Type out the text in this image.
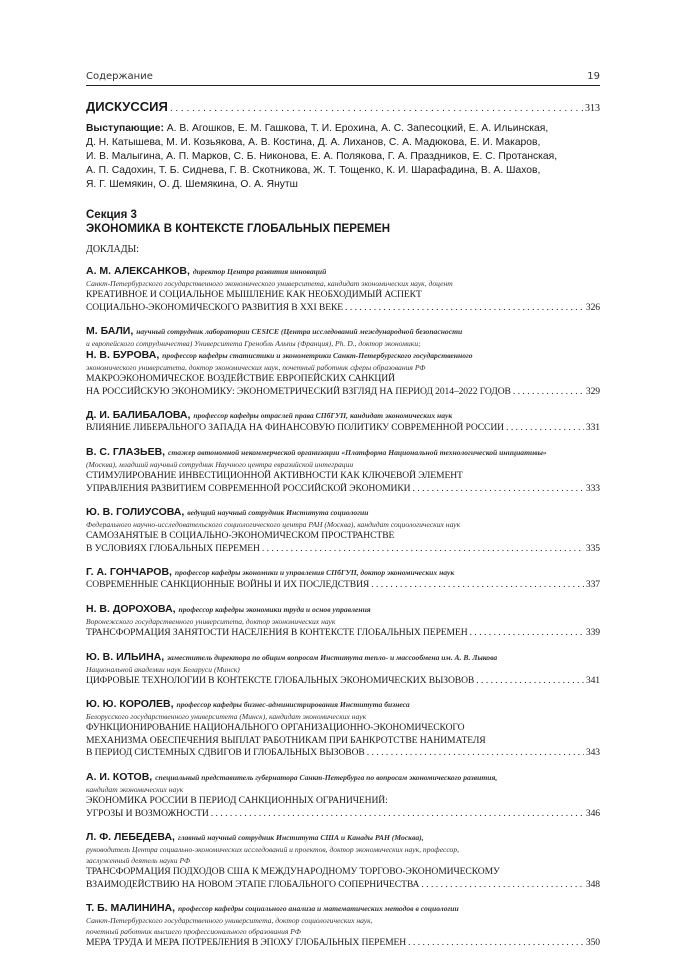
Содержание	19
ДИСКУССИЯ . . .	313
Выступающие: А. В. Агошков, Е. М. Гашкова, Т. И. Ерохина, А. С. Запесоцкий, Е. А. Ильинская,
Д. Н. Катышева, М. И. Козьякова, А. В. Костина, Д. А. Лиханов, С. А. Мадюкова, Е. И. Макаров,
И. В. Малыгина, А. П. Марков, С. Б. Никонова, Е. А. Полякова, Г. А. Праздников, Е. С. Протанская,
А. П. Садохин, Т. Б. Сиднева, Г. В. Скотникова, Ж. Т. Тощенко, К. И. Шарафадина, В. А. Шахов,
Я. Г. Шемякин, О. Д. Шемякина, О. А. Янутш
Секция 3
ЭКОНОМИКА В КОНТЕКСТЕ ГЛОБАЛЬНЫХ ПЕРЕМЕН
ДОКЛАДЫ:
А. М. АЛЕКСАНКОВ, директор Центра развития инноваций
Санкт-Петербургского государственного экономического университета, кандидат экономических наук, доцент
КРЕАТИВНОЕ И СОЦИАЛЬНОЕ МЫШЛЕНИЕ КАК НЕОБХОДИМЫЙ АСПЕКТ
СОЦИАЛЬНО-ЭКОНОМИЧЕСКОГО РАЗВИТИЯ В XXI ВЕКЕ . . .	326
М. БАЛИ, научный сотрудник лаборатории CESICE (Центра исследований международной безопасности
и европейского сотрудничества) Университета Гренобль Альпы (Франция), Ph. D., доктор экономики;
Н. В. БУРОВА, профессор кафедры статистики и эконометрики Санкт-Петербургского государственного
экономического университета, доктор экономических наук, почетный работник сферы образования РФ
МАКРОЭКОНОМИЧЕСКОЕ ВОЗДЕЙСТВИЕ ЕВРОПЕЙСКИХ САНКЦИЙ
НА РОССИЙСКУЮ ЭКОНОМИКУ: ЭКОНОМЕТРИЧЕСКИЙ ВЗГЛЯД НА ПЕРИОД 2014–2022 ГОДОВ . . .	329
Д. И. БАЛИБАЛОВА, профессор кафедры отраслей права СПбГУП, кандидат экономических наук
ВЛИЯНИЕ ЛИБЕРАЛЬНОГО ЗАПАДА НА ФИНАНСОВУЮ ПОЛИТИКУ СОВРЕМЕННОЙ РОССИИ . . .	331
В. С. ГЛАЗЬЕВ, стажер автономной некоммерческой организации «Платформа Национальной технологической инициативы»
(Москва), младший научный сотрудник Научного центра евразийской интеграции
СТИМУЛИРОВАНИЕ ИНВЕСТИЦИОННОЙ АКТИВНОСТИ КАК КЛЮЧЕВОЙ ЭЛЕМЕНТ
УПРАВЛЕНИЯ РАЗВИТИЕМ СОВРЕМЕННОЙ РОССИЙСКОЙ ЭКОНОМИКИ . . .	333
Ю. В. ГОЛИУСОВА, ведущий научный сотрудник Института социологии
Федерального научно-исследовательского социологического центра РАН (Москва), кандидат социологических наук
САМОЗАНЯТЫЕ В СОЦИАЛЬНО-ЭКОНОМИЧЕСКОМ ПРОСТРАНСТВЕ
В УСЛОВИЯХ ГЛОБАЛЬНЫХ ПЕРЕМЕН . . .	335
Г. А. ГОНЧАРОВ, профессор кафедры экономики и управления СПбГУП, доктор экономических наук
СОВРЕМЕННЫЕ САНКЦИОННЫЕ ВОЙНЫ И ИХ ПОСЛЕДСТВИЯ . . .	337
Н. В. ДОРОХОВА, профессор кафедры экономики труда и основ управления
Воронежского государственного университета, доктор экономических наук
ТРАНСФОРМАЦИЯ ЗАНЯТОСТИ НАСЕЛЕНИЯ В КОНТЕКСТЕ ГЛОБАЛЬНЫХ ПЕРЕМЕН . . .	339
Ю. В. ИЛЬИНА, заместитель директора по общим вопросам Института тепло- и массообмена им. А. В. Лыкова
Национальной академии наук Беларуси (Минск)
ЦИФРОВЫЕ ТЕХНОЛОГИИ В КОНТЕКСТЕ ГЛОБАЛЬНЫХ ЭКОНОМИЧЕСКИХ ВЫЗОВОВ . . .	341
Ю. Ю. КОРОЛЕВ, профессор кафедры бизнес-администрирования Института бизнеса
Белорусского государственного университета (Минск), кандидат экономических наук
ФУНКЦИОНИРОВАНИЕ НАЦИОНАЛЬНОГО ОРГАНИЗАЦИОННО-ЭКОНОМИЧЕСКОГО
МЕХАНИЗМА ОБЕСПЕЧЕНИЯ ВЫПЛАТ РАБОТНИКАМ ПРИ БАНКРОТСТВЕ НАНИМАТЕЛЯ
В ПЕРИОД СИСТЕМНЫХ СДВИГОВ И ГЛОБАЛЬНЫХ ВЫЗОВОВ . . .	343
А. И. КОТОВ, специальный представитель губернатора Санкт-Петербурга по вопросам экономического развития,
кандидат экономических наук
ЭКОНОМИКА РОССИИ В ПЕРИОД САНКЦИОННЫХ ОГРАНИЧЕНИЙ:
УГРОЗЫ И ВОЗМОЖНОСТИ . . .	346
Л. Ф. ЛЕБЕДЕВА, главный научный сотрудник Института США и Канады РАН (Москва),
руководитель Центра социально-экономических исследований и проектов, доктор экономических наук, профессор,
заслуженный деятель науки РФ
ТРАНСФОРМАЦИЯ ПОДХОДОВ США К МЕЖДУНАРОДНОМУ ТОРГОВО-ЭКОНОМИЧЕСКОМУ
ВЗАИМОДЕЙСТВИЮ НА НОВОМ ЭТАПЕ ГЛОБАЛЬНОГО СОПЕРНИЧЕСТВА . . .	348
Т. Б. МАЛИНИНА, профессор кафедры социального анализа и математических методов в социологии
Санкт-Петербургского государственного университета, доктор социологических наук,
почетный работник высшего профессионального образования РФ
МЕРА ТРУДА И МЕРА ПОТРЕБЛЕНИЯ В ЭПОХУ ГЛОБАЛЬНЫХ ПЕРЕМЕН . . .	350
